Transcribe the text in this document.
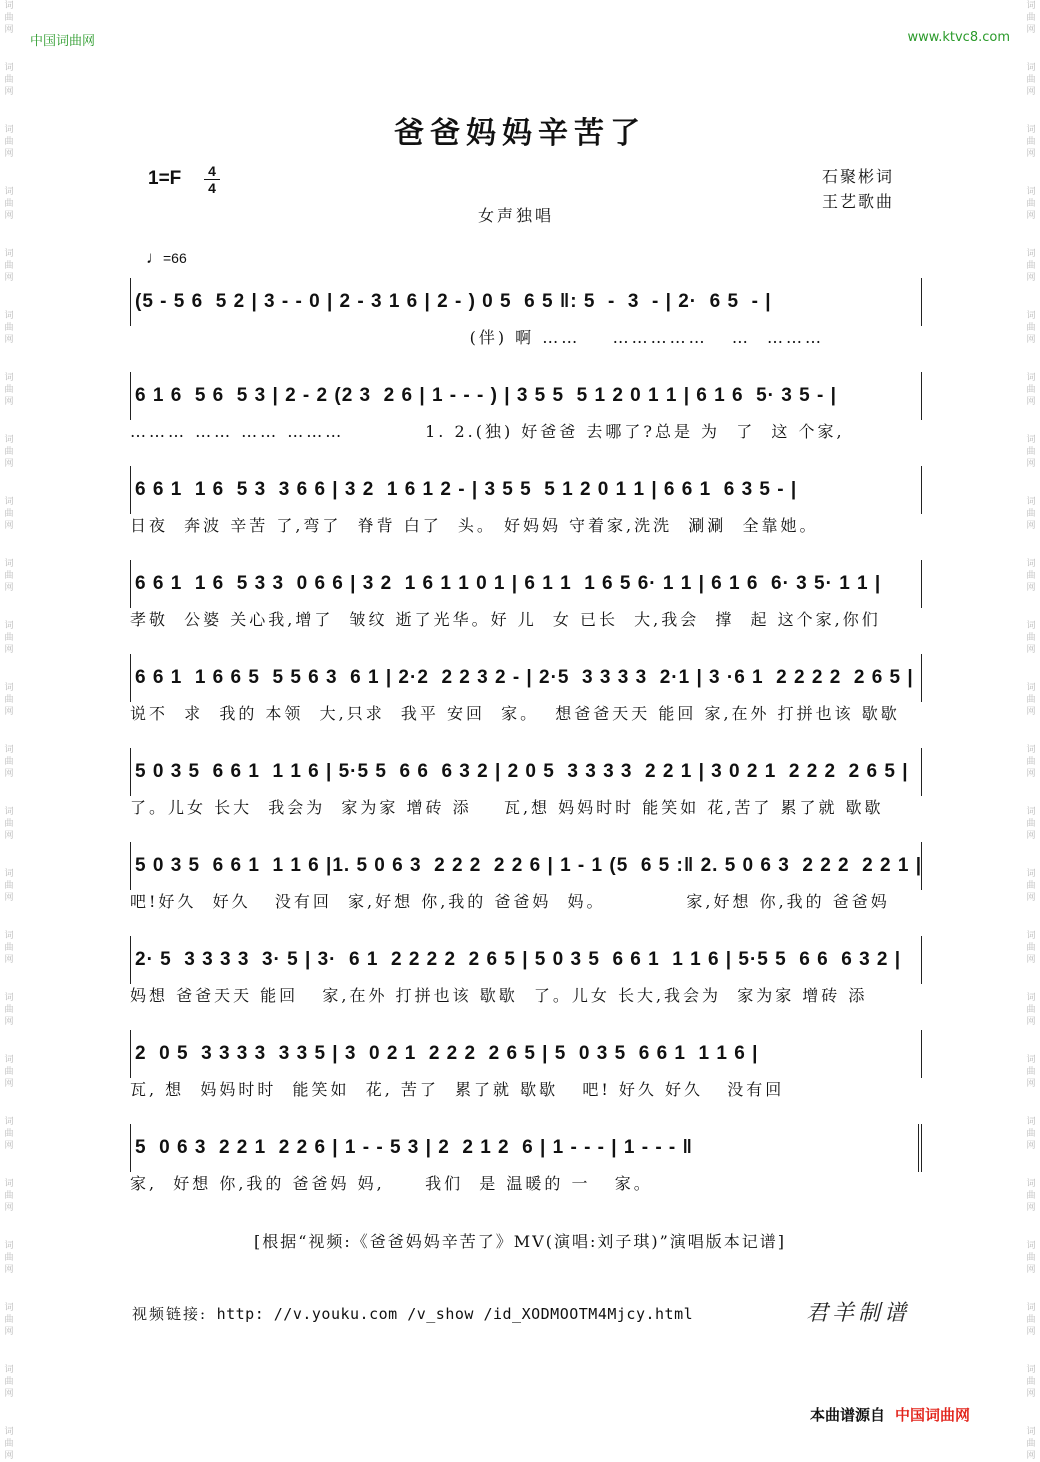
词
曲
网
词
曲
网
词
曲
网
词
曲
网
词
曲
网
词
曲
网
词
曲
网
词
曲
网
词
曲
网
词
曲
网
词
曲
网
词
曲
网
词
曲
网
词
曲
网
词
曲
网
词
曲
网
词
曲
网
词
曲
网
词
曲
网
词
曲
网
词
曲
网
词
曲
网
词
曲
网
词
曲
网
词
曲
网
词
曲
网
词
曲
网
词
曲
网
词
曲
网
词
曲
网
词
曲
网
词
曲
网
词
曲
网
词
曲
网
词
曲
网
词
曲
网
词
曲
网
词
曲
网
词
曲
网
词
曲
网
词
曲
网
词
曲
网
词
曲
网
词
曲
网
词
曲
网
词
曲
网
词
曲
网
词
曲
网
中国词曲网	www.ktvc8.com
爸爸妈妈辛苦了
1=F 4
4
石聚彬词
王艺歌曲
女声独唱
♩=66
(5 - 5 6  5 2 | 3 - - 0 | 2 - 3 1 6 | 2 - ) 0 5  6 5 ‖: 5  -  3  - | 2·  6 5  - |
(伴) 啊 ……    ……………   …  ………
6 1 6  5 6  5 3 | 2 - 2 (2 3  2 6 | 1 - - - ) | 3 5 5  5 1 2 0 1 1 | 6 1 6  5· 3 5 - |
……… …… …… ………          1. 2.(独) 好爸爸 去哪了?总是 为  了  这 个家,
6 6 1  1 6  5 3  3 6 6 | 3 2  1 6 1 2 - | 3 5 5  5 1 2 0 1 1 | 6 6 1  6 3 5 - |
日夜  奔波 辛苦 了,弯了  脊背 白了  头。 好妈妈 守着家,洗洗  涮涮  全靠她。
6 6 1  1 6  5 3 3  0 6 6 | 3 2  1 6 1 1 0 1 | 6 1 1  1 6 5 6· 1 1 | 6 1 6  6· 3 5· 1 1 |
孝敬  公婆 关心我,增了  皱纹 逝了光华。好 儿  女 已长  大,我会  撑  起 这个家,你们
6 6 1  1 6 6 5  5 5 6 3  6 1 | 2·2  2 2 3 2 - | 2·5  3 3 3 3  2·1 | 3 ·6 1  2 2 2 2  2 6 5 |
说不  求  我的 本领  大,只求  我平 安回  家。  想爸爸天天 能回 家,在外 打拼也该 歇歇
5 0 3 5  6 6 1  1 1 6 | 5·5 5  6 6  6 3 2 | 2 0 5  3 3 3 3  2 2 1 | 3 0 2 1  2 2 2  2 6 5 |
了。儿女 长大  我会为  家为家 增砖 添    瓦,想 妈妈时时 能笑如 花,苦了 累了就 歇歇
5 0 3 5  6 6 1  1 1 6 |1. 5 0 6 3  2 2 2  2 2 6 | 1 - 1 (5  6 5 :‖ 2. 5 0 6 3  2 2 2  2 2 1 |
吧!好久  好久   没有回  家,好想 你,我的 爸爸妈  妈。          家,好想 你,我的 爸爸妈
2· 5  3 3 3 3  3· 5 | 3·  6 1  2 2 2 2  2 6 5 | 5 0 3 5  6 6 1  1 1 6 | 5·5 5  6 6  6 3 2 |
妈想 爸爸天天 能回   家,在外 打拼也该 歇歇  了。儿女 长大,我会为  家为家 增砖 添
2  0 5  3 3 3 3  3 3 5 | 3  0 2 1  2 2 2  2 6 5 | 5  0 3 5  6 6 1  1 1 6 |
瓦, 想  妈妈时时  能笑如  花, 苦了  累了就 歇歇   吧! 好久 好久   没有回
5  0 6 3  2 2 1  2 2 6 | 1 - - 5 3 | 2  2 1 2  6 | 1 - - - | 1 - - - ‖
家,  好想 你,我的 爸爸妈 妈,     我们  是 温暖的 一   家。
[根据“视频:《爸爸妈妈辛苦了》MV(演唱:刘子琪)”演唱版本记谱]
视频链接: http: //v.youku.com /v_show /id_XODMOOTM4Mjcy.html	君羊制谱
本曲谱源自 中国词曲网
